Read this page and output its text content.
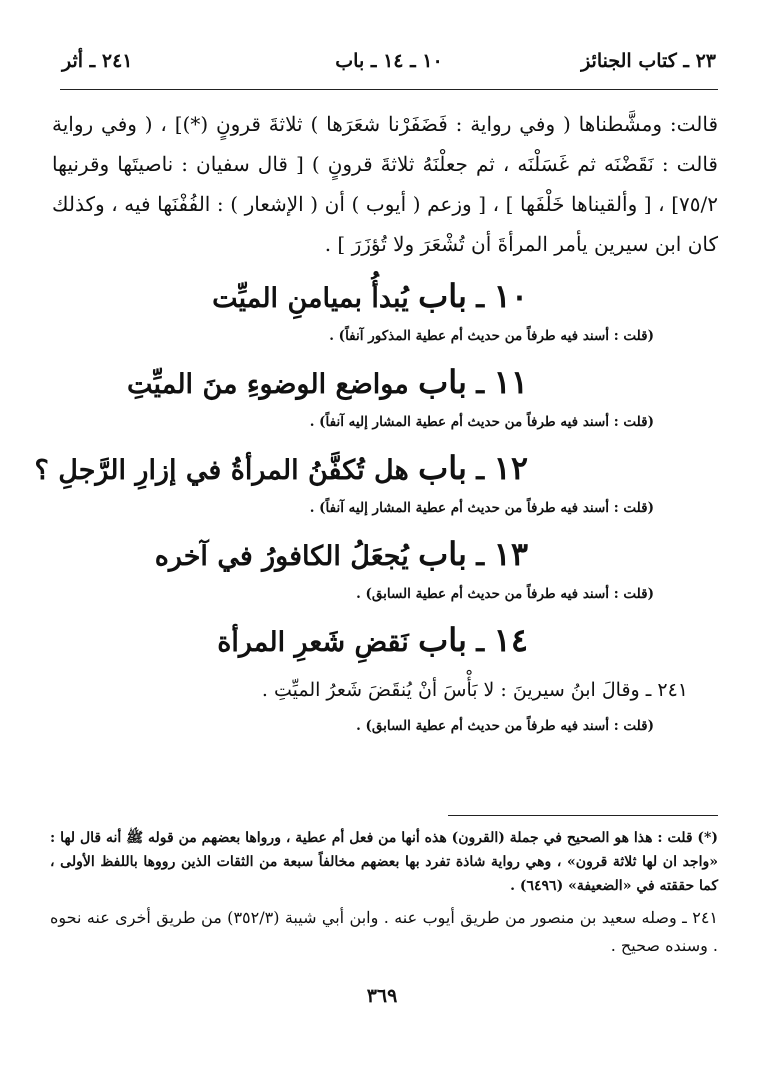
٢٣ ـ كتاب الجنائز
١٠ ـ ١٤ ـ باب
٢٤١ ـ أثر

قالت: ومشَّطناها ( وفي رواية : فَضَفَرْنا شعَرَها ) ثلاثةَ قرونٍ (*)] ، ( وفي رواية قالت : نَقَضْنَه ثم غَسَلْنَه ، ثم جعلْنَهُ ثلاثةَ قرونٍ ) [ قال سفيان : ناصيتَها وقرنيها ٧٥/٢] ، [ وألقيناها خَلْفَها ] ، [ وزعم ( أيوب ) أن ( الإشعار ) : الفُفْنَها فيه ، وكذلك كان ابن سيرين يأمر المرأةَ أن تُشْعَرَ ولا تُؤزَرَ ] .

١٠ ـ باب يُبدأُ بميامنِ الميِّت
(قلت : أسند فيه طرفاً من حديث أم عطية المذكور آنفاً) .
١١ ـ باب مواضع الوضوءِ منَ الميِّتِ
(قلت : أسند فيه طرفاً من حديث أم عطية المشار إليه آنفاً) .
١٢ ـ باب هل تُكفَّنُ المرأةُ في إزارِ الرَّجلِ ؟
(قلت : أسند فيه طرفاً من حديث أم عطية المشار إليه آنفاً) .
١٣ ـ باب يُجعَلُ الكافورُ في آخره
(قلت : أسند فيه طرفاً من حديث أم عطية السابق) .
١٤ ـ باب نَقضِ شَعرِ المرأة
٢٤١ ـ وقالَ ابنُ سيرينَ : لا بَأْسَ أنْ يُنقَضَ شَعرُ الميِّتِ .
(قلت : أسند فيه طرفاً من حديث أم عطية السابق) .

(*) قلت : هذا هو الصحيح في جملة (القرون) هذه أنها من فعل أم عطية ، ورواها بعضهم من قوله ﷺ أنه قال لها : «واجد ان لها ثلاثة قرون» ، وهي رواية شاذة تفرد بها بعضهم مخالفاً سبعة من الثقات الذين رووها باللفظ الأولى ، كما حققته في «الضعيفة» (٦٤٩٦) .

٢٤١ ـ وصله سعيد بن منصور من طريق أيوب عنه . وابن أبي شيبة (٣٥٢/٣) من طريق أخرى عنه نحوه . وسنده صحيح .

٣٦٩
